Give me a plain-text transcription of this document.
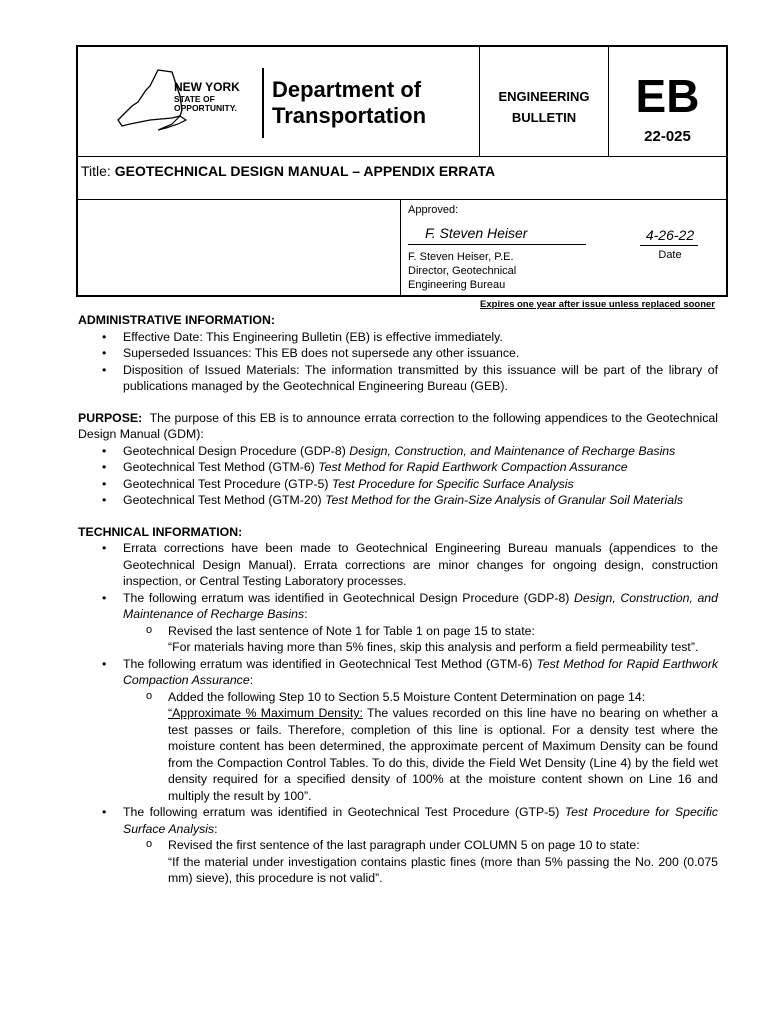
NEW YORK
STATE OF
OPPORTUNITY.
Department of
Transportation
ENGINEERING
BULLETIN	EB
22-025
Title: GEOTECHNICAL DESIGN MANUAL – APPENDIX ERRATA
Approved:
F. Steven Heiser	4-26-22
Date
F. Steven Heiser, P.E.
Director, Geotechnical
Engineering Bureau
Expires one year after issue unless replaced sooner
ADMINISTRATIVE INFORMATION:
• Effective Date: This Engineering Bulletin (EB) is effective immediately.
• Superseded Issuances: This EB does not supersede any other issuance.
• Disposition of Issued Materials: The information transmitted by this issuance will be part of the library of publications managed by the Geotechnical Engineering Bureau (GEB).
PURPOSE: The purpose of this EB is to announce errata correction to the following appendices to the Geotechnical Design Manual (GDM):
• Geotechnical Design Procedure (GDP-8) Design, Construction, and Maintenance of Recharge Basins
• Geotechnical Test Method (GTM-6) Test Method for Rapid Earthwork Compaction Assurance
• Geotechnical Test Procedure (GTP-5) Test Procedure for Specific Surface Analysis
• Geotechnical Test Method (GTM-20) Test Method for the Grain-Size Analysis of Granular Soil Materials
TECHNICAL INFORMATION:
• Errata corrections have been made to Geotechnical Engineering Bureau manuals (appendices to the Geotechnical Design Manual). Errata corrections are minor changes for ongoing design, construction inspection, or Central Testing Laboratory processes.
• The following erratum was identified in Geotechnical Design Procedure (GDP-8) Design, Construction, and Maintenance of Recharge Basins:
o Revised the last sentence of Note 1 for Table 1 on page 15 to state:
“For materials having more than 5% fines, skip this analysis and perform a field permeability test”.
• The following erratum was identified in Geotechnical Test Method (GTM-6) Test Method for Rapid Earthwork Compaction Assurance:
o Added the following Step 10 to Section 5.5 Moisture Content Determination on page 14:
“Approximate % Maximum Density: The values recorded on this line have no bearing on whether a test passes or fails. Therefore, completion of this line is optional. For a density test where the moisture content has been determined, the approximate percent of Maximum Density can be found from the Compaction Control Tables. To do this, divide the Field Wet Density (Line 4) by the field wet density required for a specified density of 100% at the moisture content shown on Line 16 and multiply the result by 100”.
• The following erratum was identified in Geotechnical Test Procedure (GTP-5) Test Procedure for Specific Surface Analysis:
o Revised the first sentence of the last paragraph under COLUMN 5 on page 10 to state:
“If the material under investigation contains plastic fines (more than 5% passing the No. 200 (0.075 mm) sieve), this procedure is not valid”.
